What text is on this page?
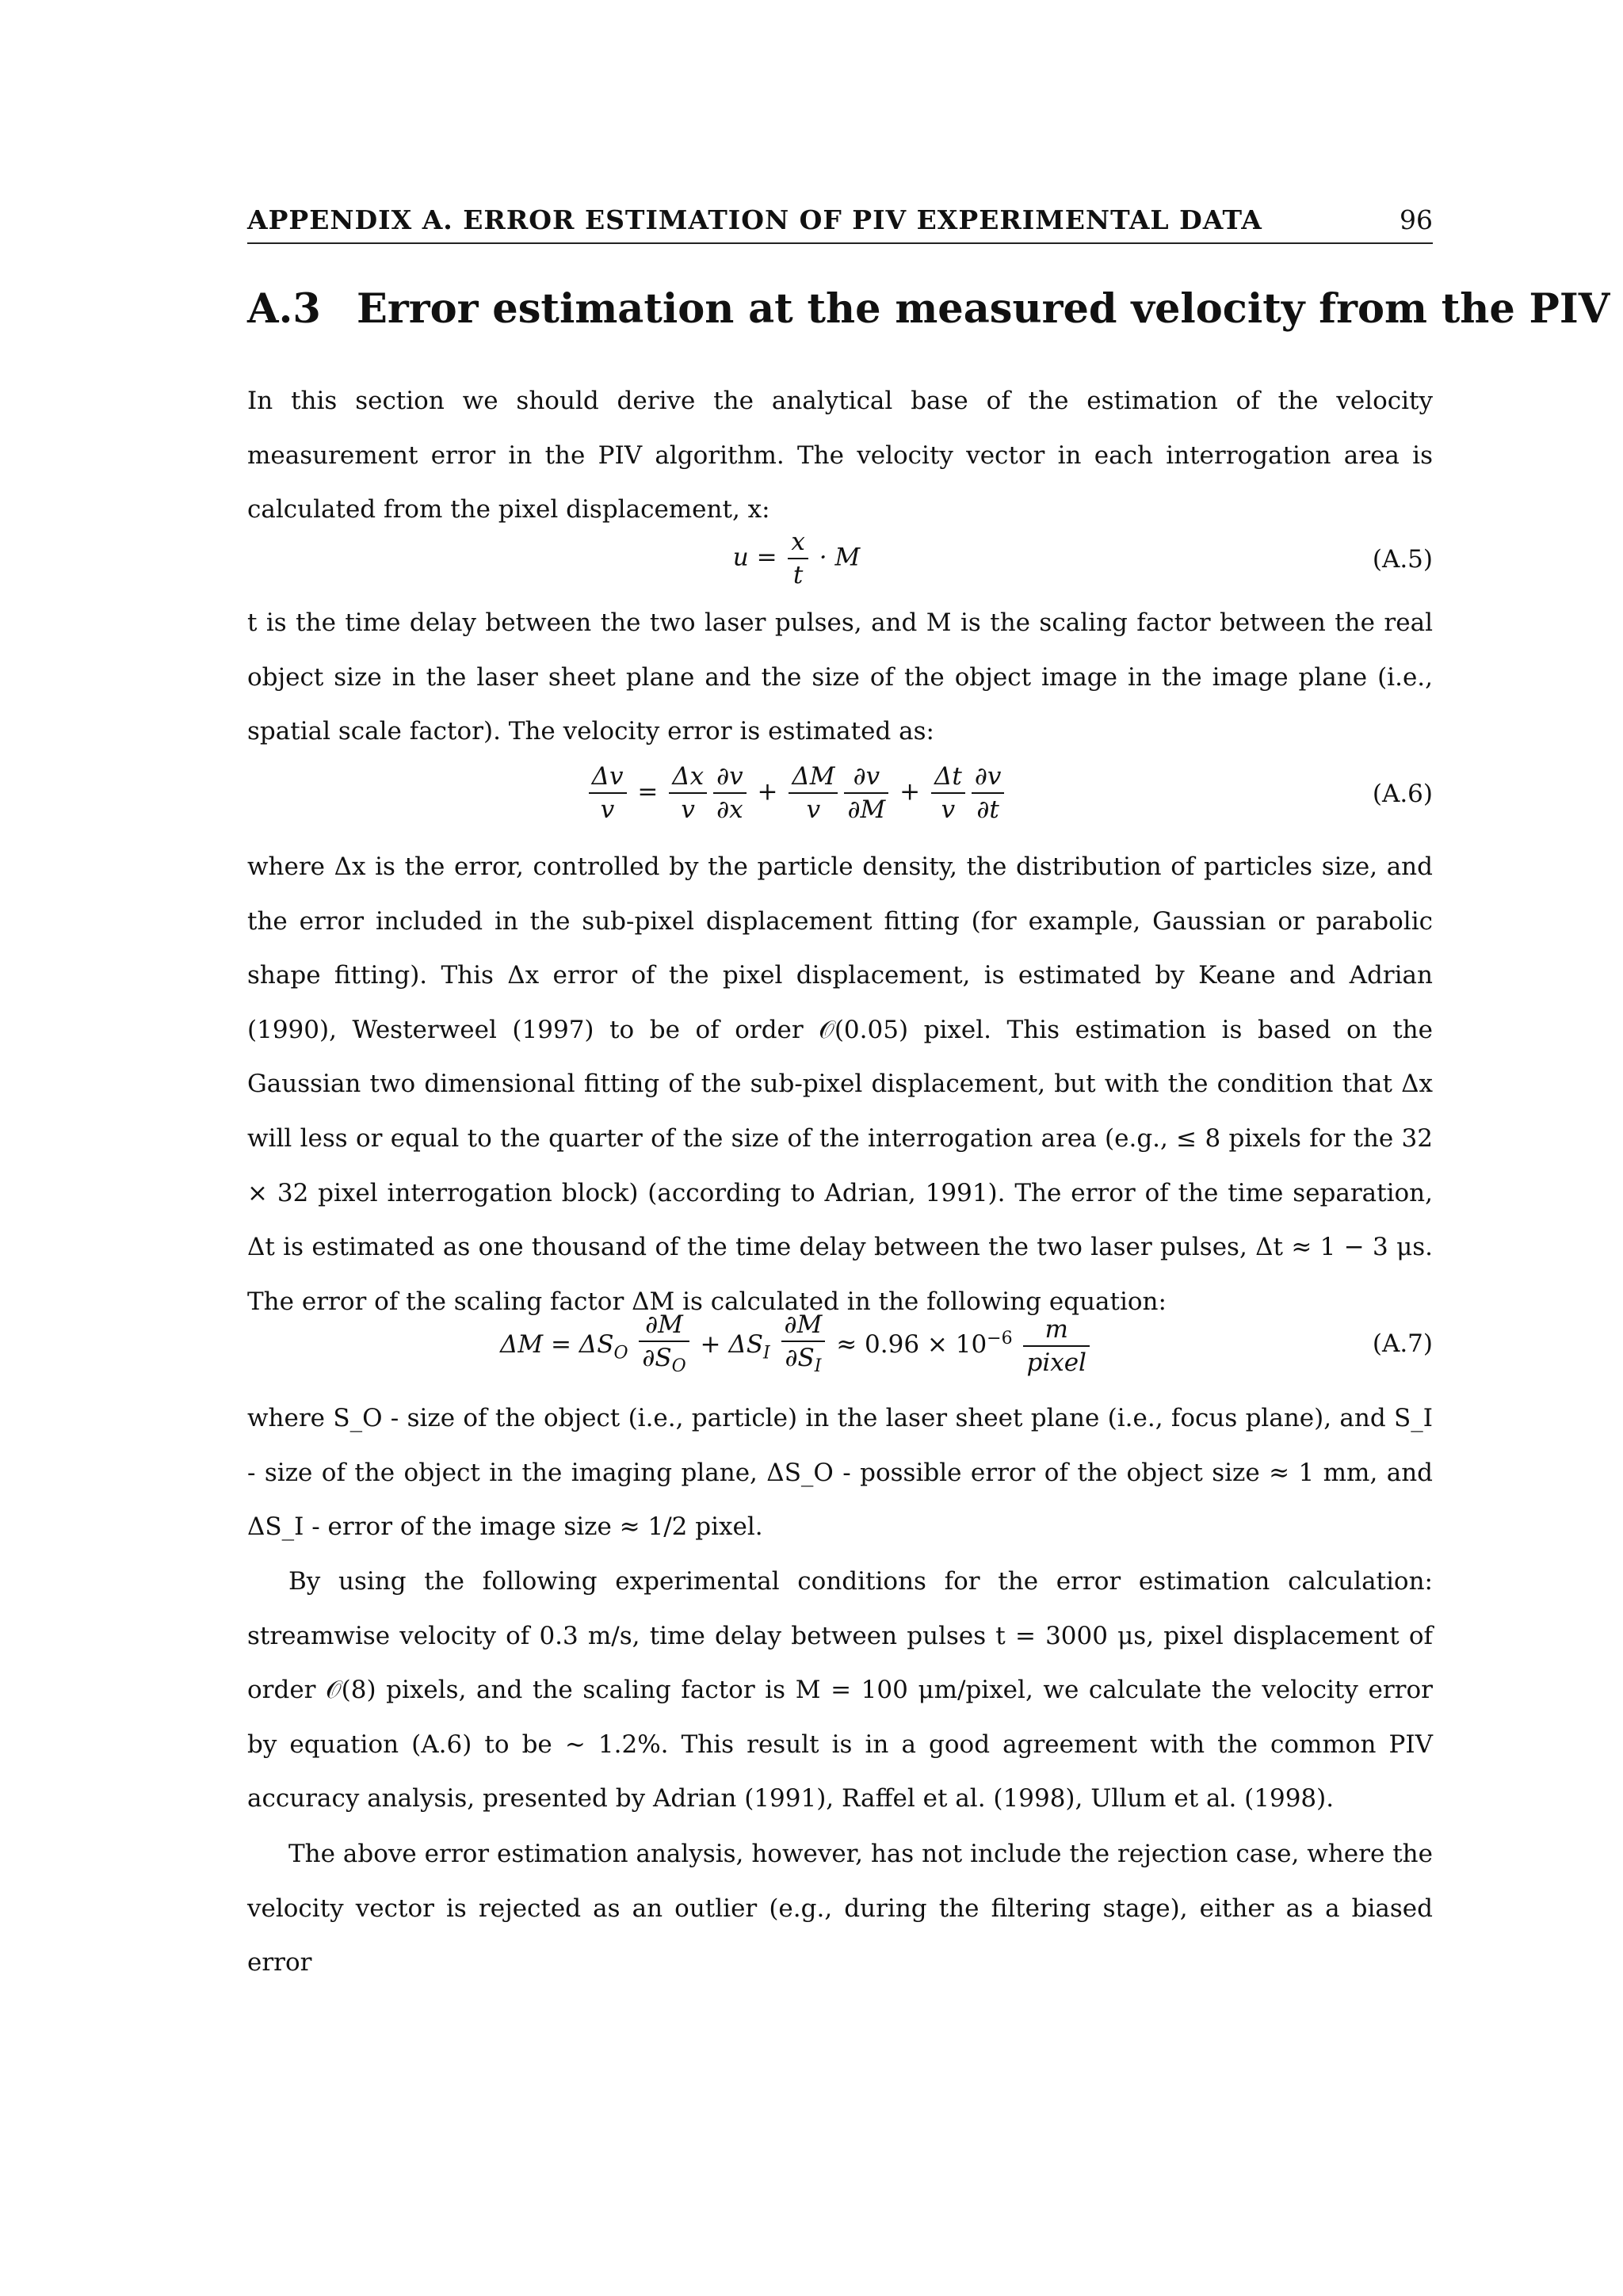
APPENDIX A. ERROR ESTIMATION OF PIV EXPERIMENTAL DATA	96
A.3 Error estimation at the measured velocity from the PIV

In this section we should derive the analytical base of the estimation of the velocity measurement error in the PIV algorithm. The velocity vector in each interrogation area is calculated from the pixel displacement, x:

$u = \frac{x}{t} \cdot M$	(A.5)

t is the time delay between the two laser pulses, and M is the scaling factor between the real object size in the laser sheet plane and the size of the object image in the image plane (i.e., spatial scale factor). The velocity error is estimated as:

$\frac{\Delta v}{v} = \frac{\Delta x}{v} \frac{\partial v}{\partial x} + \frac{\Delta M}{v} \frac{\partial v}{\partial M} + \frac{\Delta t}{v} \frac{\partial v}{\partial t}$	(A.6)

where Δx is the error, controlled by the particle density, the distribution of particles size, and the error included in the sub-pixel displacement fitting (for example, Gaussian or parabolic shape fitting). This Δx error of the pixel displacement, is estimated by Keane and Adrian (1990), Westerweel (1997) to be of order 𝒪(0.05) pixel. This estimation is based on the Gaussian two dimensional fitting of the sub-pixel displacement, but with the condition that Δx will less or equal to the quarter of the size of the interrogation area (e.g., ≤ 8 pixels for the 32 × 32 pixel interrogation block) (according to Adrian, 1991). The error of the time separation, Δt is estimated as one thousand of the time delay between the two laser pulses, Δt ≈ 1 − 3 μs. The error of the scaling factor ΔM is calculated in the following equation:

$\Delta M = \Delta S_O \frac{\partial M}{\partial S_O} + \Delta S_I \frac{\partial M}{\partial S_I} \approx 0.96 \times 10^{-6} \frac{m}{\text{pixel}}$	(A.7)

where S_O - size of the object (i.e., particle) in the laser sheet plane (i.e., focus plane), and S_I - size of the object in the imaging plane, ΔS_O - possible error of the object size ≈ 1 mm, and ΔS_I - error of the image size ≈ 1/2 pixel.

By using the following experimental conditions for the error estimation calculation: streamwise velocity of 0.3 m/s, time delay between pulses t = 3000 μs, pixel displacement of order 𝒪(8) pixels, and the scaling factor is M = 100 μm/pixel, we calculate the velocity error by equation (A.6) to be ∼ 1.2%. This result is in a good agreement with the common PIV accuracy analysis, presented by Adrian (1991), Raffel et al. (1998), Ullum et al. (1998).

The above error estimation analysis, however, has not include the rejection case, where the velocity vector is rejected as an outlier (e.g., during the filtering stage), either as a biased error
